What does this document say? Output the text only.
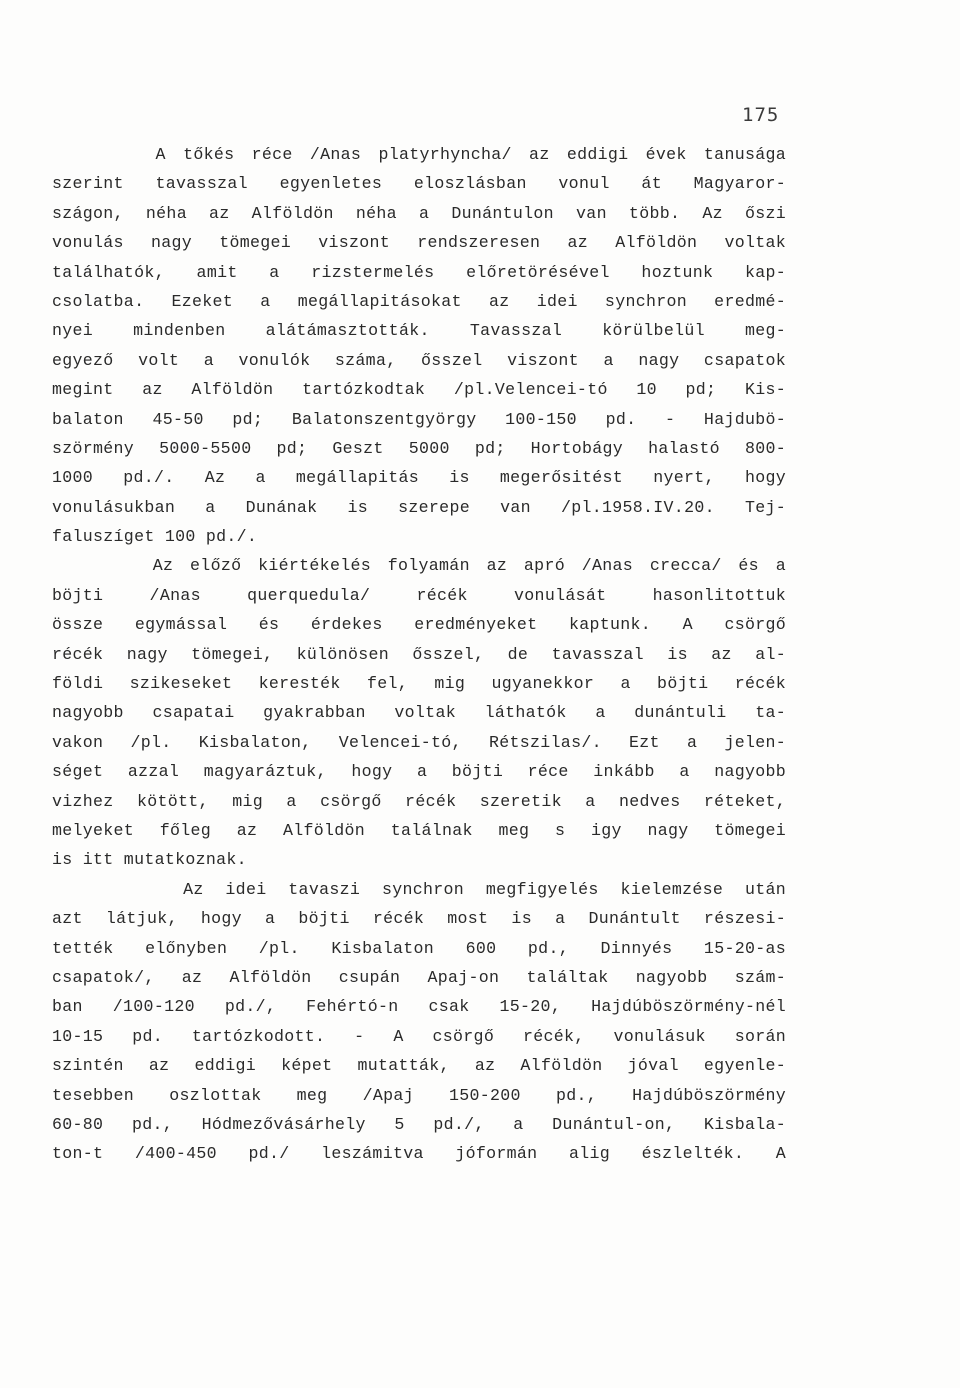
175
A tőkés réce /Anas platyrhyncha/ az eddigi évek tanusága
szerint tavasszal egyenletes eloszlásban vonul át Magyaror-
szágon, néha az Alföldön néha a Dunántulon van több. Az őszi
vonulás nagy tömegei viszont rendszeresen az Alföldön voltak
találhatók, amit a rizstermelés előretörésével hoztunk kap-
csolatba. Ezeket a megállapitásokat az idei synchron eredmé-
nyei mindenben alátámasztották. Tavasszal körülbelül meg-
egyező volt a vonulók száma, ősszel viszont a nagy csapatok
megint az Alföldön tartózkodtak /pl.Velencei-tó 10 pd; Kis-
balaton 45-50 pd; Balatonszentgyörgy 100-150 pd. - Hajdubö-
szörmény 5000-5500 pd; Geszt 5000 pd; Hortobágy halastó 800-
1000 pd./. Az a megállapitás is megerősitést nyert, hogy
vonulásukban a Dunának is szerepe van /pl.1958.IV.20. Tej-
faluszíget 100 pd./.
Az előző kiértékelés folyamán az apró /Anas crecca/ és a
böjti /Anas querquedula/ récék vonulását hasonlitottuk
össze egymással és érdekes eredményeket kaptunk. A csörgő
récék nagy tömegei, különösen ősszel, de tavasszal is az al-
földi szikeseket keresték fel, mig ugyanekkor a böjti récék
nagyobb csapatai gyakrabban voltak láthatók a dunántuli ta-
vakon /pl. Kisbalaton, Velencei-tó, Rétszilas/. Ezt a jelen-
séget azzal magyaráztuk, hogy a böjti réce inkább a nagyobb
vizhez kötött, mig a csörgő récék szeretik a nedves réteket,
melyeket főleg az Alföldön találnak meg s igy nagy tömegei
is itt mutatkoznak.
Az idei tavaszi synchron megfigyelés kielemzése után
azt látjuk, hogy a böjti récék most is a Dunántult részesi-
tették előnyben /pl. Kisbalaton 600 pd., Dinnyés 15-20-as
csapatok/, az Alföldön csupán Apaj-on találtak nagyobb szám-
ban /100-120 pd./, Fehértó-n csak 15-20, Hajdúböszörmény-nél
10-15 pd. tartózkodott. - A csörgő récék, vonulásuk során
szintén az eddigi képet mutatták, az Alföldön jóval egyenle-
tesebben oszlottak meg /Apaj 150-200 pd., Hajdúböszörmény
60-80 pd., Hódmezővásárhely 5 pd./, a Dunántul-on, Kisbala-
ton-t /400-450 pd./ leszámitva jóformán alig észlelték. A
